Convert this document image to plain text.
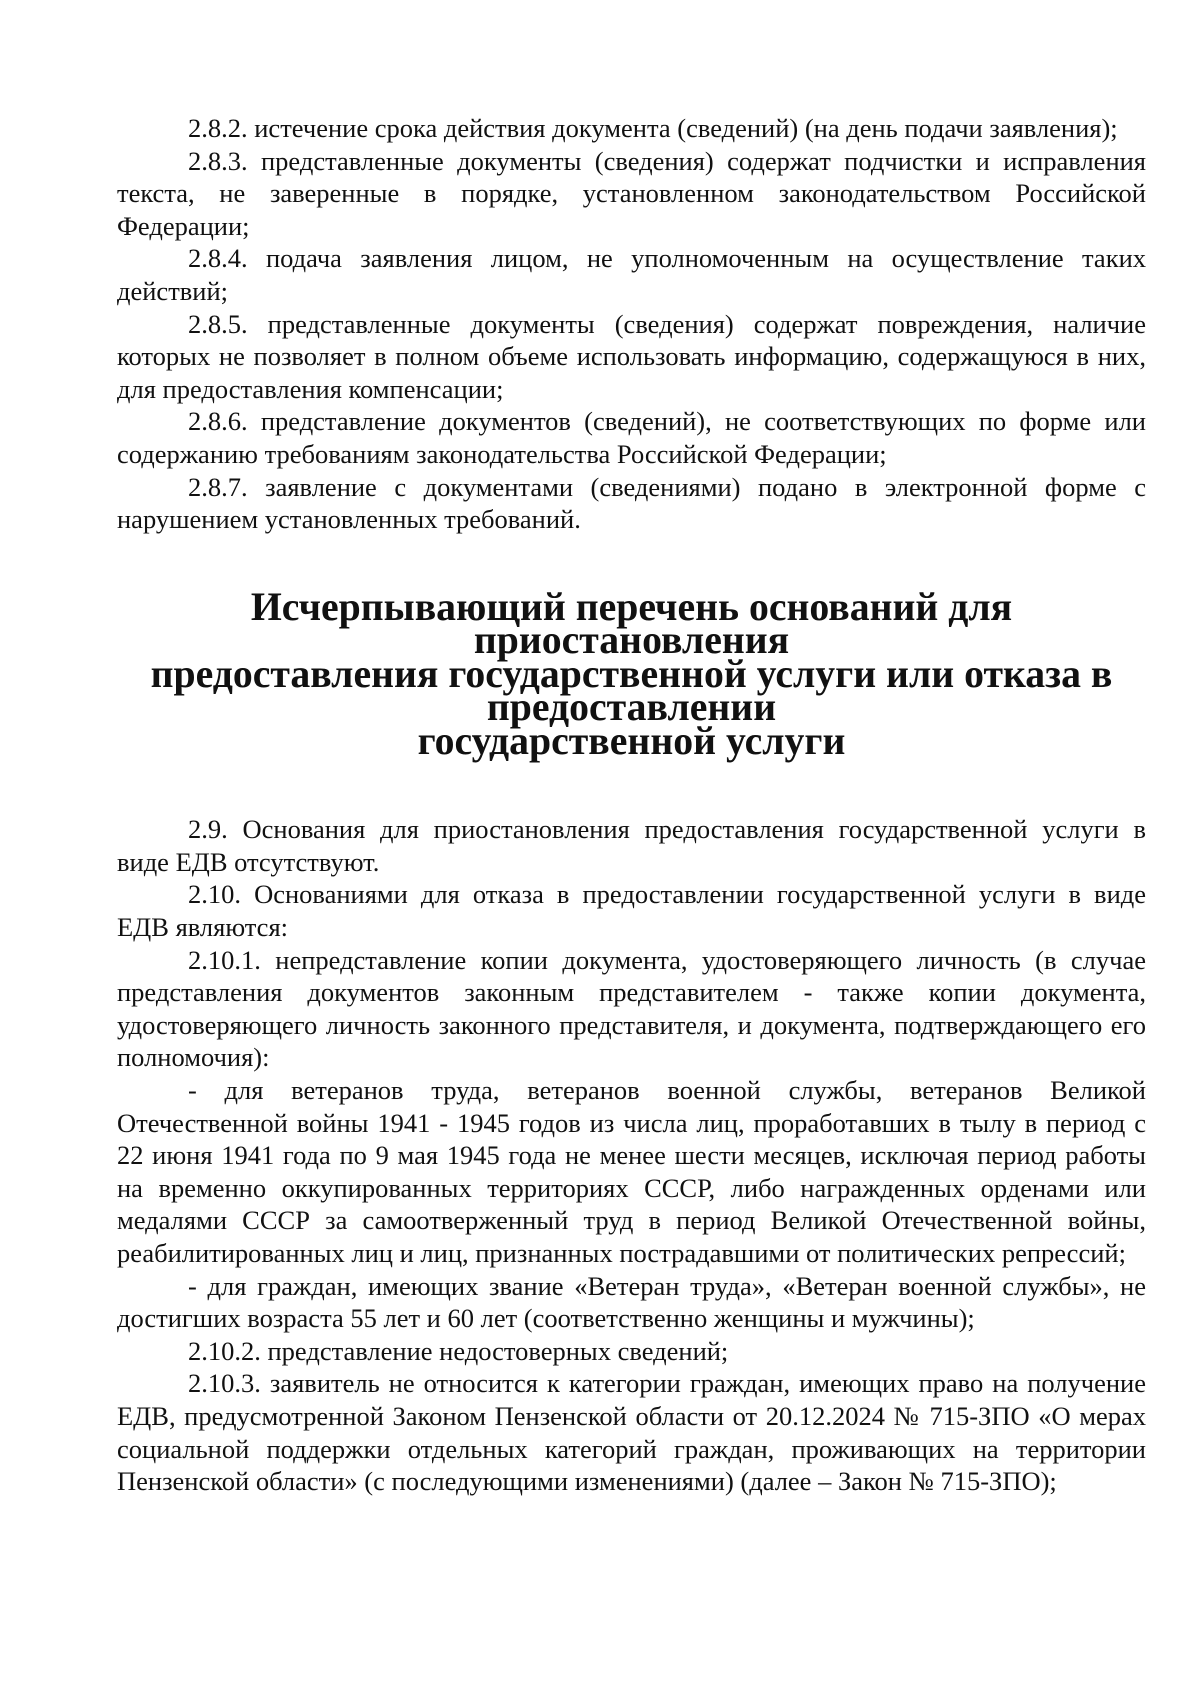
2.8.2. истечение срока действия документа (сведений) (на день подачи заявления);

2.8.3. представленные документы (сведения) содержат подчистки и исправления текста, не заверенные в порядке, установленном законодательством Российской Федерации;

2.8.4. подача заявления лицом, не уполномоченным на осуществление таких действий;

2.8.5. представленные документы (сведения) содержат повреждения, наличие которых не позволяет в полном объеме использовать информацию, содержащуюся в них, для предоставления компенсации;

2.8.6. представление документов (сведений), не соответствующих по форме или содержанию требованиям законодательства Российской Федерации;

2.8.7. заявление с документами (сведениями) подано в электронной форме с нарушением установленных требований.

Исчерпывающий перечень оснований для приостановления
предоставления государственной услуги или отказа в предоставлении
государственной услуги

2.9. Основания для приостановления предоставления государственной услуги в виде ЕДВ отсутствуют.

2.10. Основаниями для отказа в предоставлении государственной услуги в виде ЕДВ являются:

2.10.1. непредставление копии документа, удостоверяющего личность (в случае представления документов законным представителем - также копии документа, удостоверяющего личность законного представителя, и документа, подтверждающего его полномочия):

- для ветеранов труда, ветеранов военной службы, ветеранов Великой Отечественной войны 1941 - 1945 годов из числа лиц, проработавших в тылу в период с 22 июня 1941 года по 9 мая 1945 года не менее шести месяцев, исключая период работы на временно оккупированных территориях СССР, либо награжденных орденами или медалями СССР за самоотверженный труд в период Великой Отечественной войны, реабилитированных лиц и лиц, признанных пострадавшими от политических репрессий;

- для граждан, имеющих звание «Ветеран труда», «Ветеран военной службы», не достигших возраста 55 лет и 60 лет (соответственно женщины и мужчины);

2.10.2. представление недостоверных сведений;

2.10.3. заявитель не относится к категории граждан, имеющих право на получение ЕДВ, предусмотренной Законом Пензенской области от 20.12.2024 № 715-ЗПО «О мерах социальной поддержки отдельных категорий граждан, проживающих на территории Пензенской области» (с последующими изменениями) (далее – Закон № 715-ЗПО);
